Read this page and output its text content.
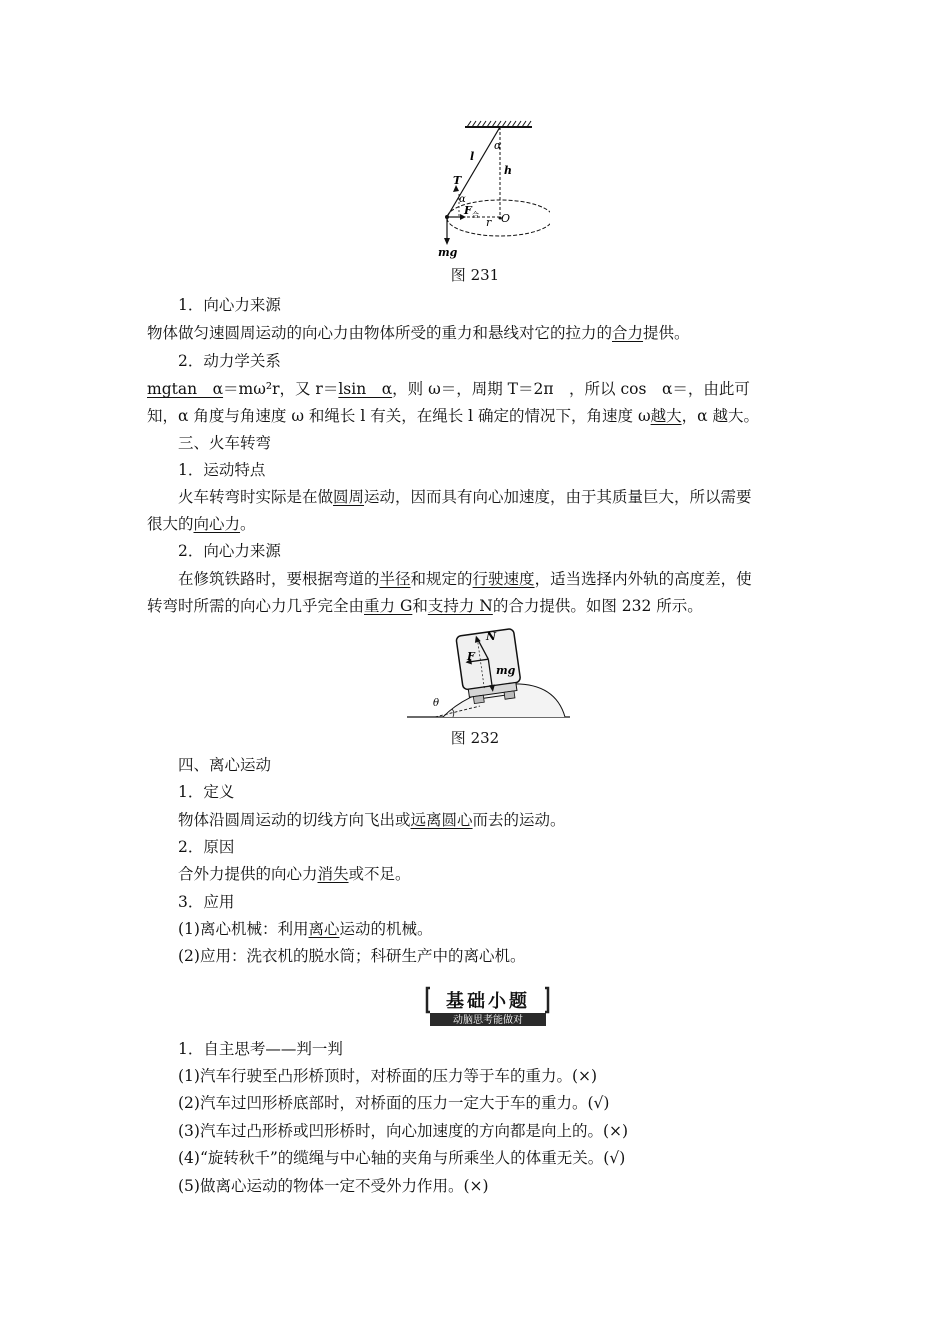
α
l
h
T
α
F 合
r O
mg
图 231
1．向心力来源
物体做匀速圆周运动的向心力由物体所受的重力和悬线对它的拉力的合力提供。
2．动力学关系
mgtan　α＝mω²r，又 r＝lsin　α，则 ω＝，周期 T＝2π　，所以 cos　α＝，由此可
知，α 角度与角速度 ω 和绳长 l 有关，在绳长 l 确定的情况下，角速度 ω越大，α 越大。
三、火车转弯
1．运动特点
火车转弯时实际是在做圆周运动，因而具有向心加速度，由于其质量巨大，所以需要
很大的向心力。
2．向心力来源
在修筑铁路时，要根据弯道的半径和规定的行驶速度，适当选择内外轨的高度差，使
转弯时所需的向心力几乎完全由重力 G和支持力 N的合力提供。如图 232 所示。
N
F
mg
θ
图 232
四、离心运动
1．定义
物体沿圆周运动的切线方向飞出或远离圆心而去的运动。
2．原因
合外力提供的向心力消失或不足。
3．应用
(1)离心机械：利用离心运动的机械。
(2)应用：洗衣机的脱水筒；科研生产中的离心机。
基础小题
动脑思考能做对
1．自主思考——判一判
(1)汽车行驶至凸形桥顶时，对桥面的压力等于车的重力。(×)
(2)汽车过凹形桥底部时，对桥面的压力一定大于车的重力。(√)
(3)汽车过凸形桥或凹形桥时，向心加速度的方向都是向上的。(×)
(4)“旋转秋千”的缆绳与中心轴的夹角与所乘坐人的体重无关。(√)
(5)做离心运动的物体一定不受外力作用。(×)
